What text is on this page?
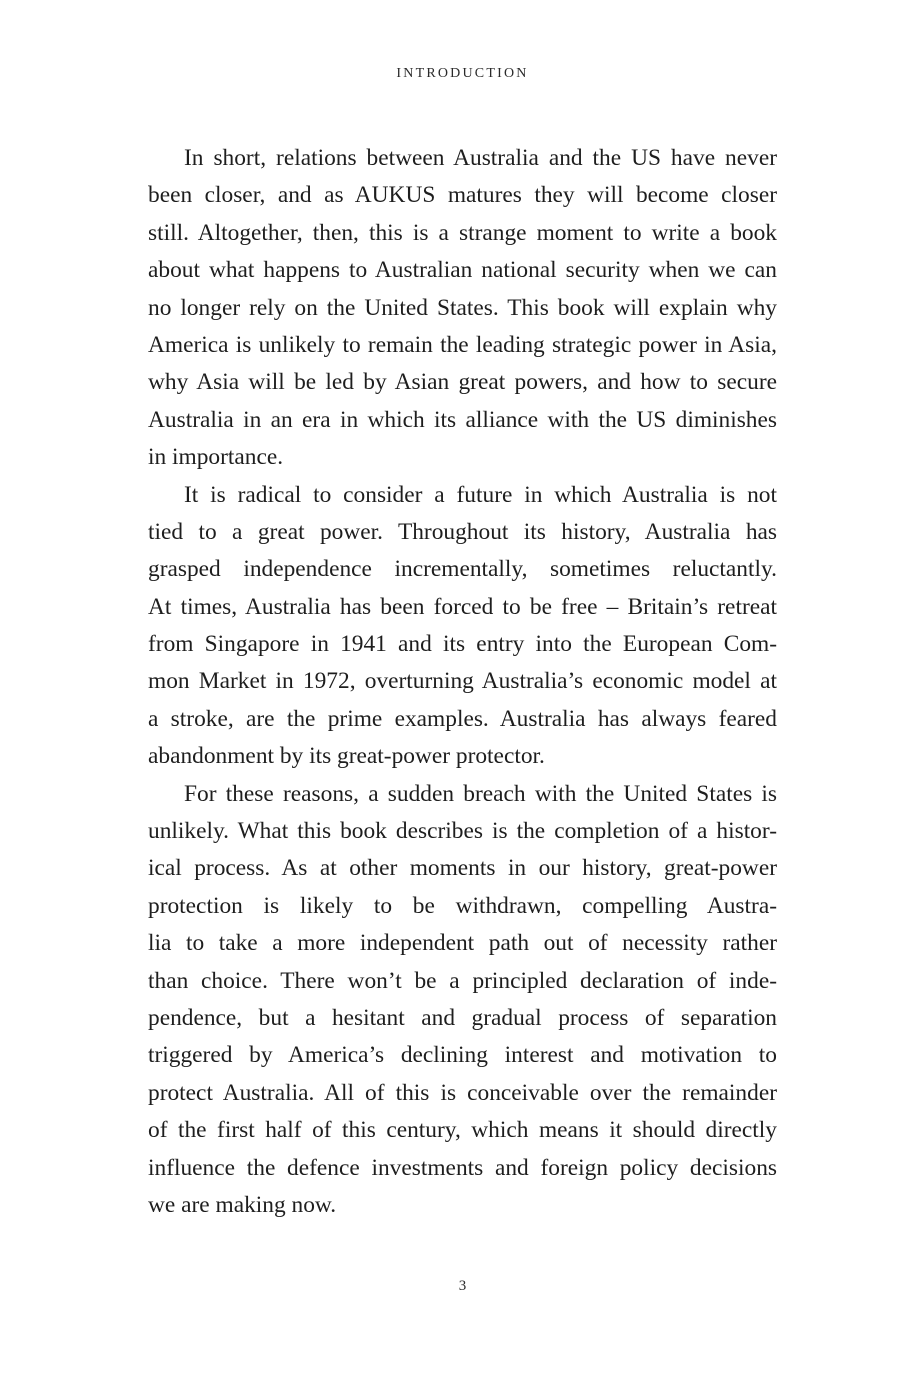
INTRODUCTION
In short, relations between Australia and the US have never
been closer, and as AUKUS matures they will become closer
still. Altogether, then, this is a strange moment to write a book
about what happens to Australian national security when we can
no longer rely on the United States. This book will explain why
America is unlikely to remain the leading strategic power in Asia,
why Asia will be led by Asian great powers, and how to secure
Australia in an era in which its alliance with the US diminishes
in importance.
It is radical to consider a future in which Australia is not
tied to a great power. Throughout its history, Australia has
grasped independence incrementally, sometimes reluctantly.
At times, Australia has been forced to be free – Britain’s retreat
from Singapore in 1941 and its entry into the European Com-
mon Market in 1972, overturning Australia’s economic model at
a stroke, are the prime examples. Australia has always feared
abandonment by its great-power protector.
For these reasons, a sudden breach with the United States is
unlikely. What this book describes is the completion of a histor-
ical process. As at other moments in our history, great-power
protection is likely to be withdrawn, compelling Austra-
lia to take a more independent path out of necessity rather
than choice. There won’t be a principled declaration of inde-
pendence, but a hesitant and gradual process of separation
triggered by America’s declining interest and motivation to
protect Australia. All of this is conceivable over the remainder
of the first half of this century, which means it should directly
influence the defence investments and foreign policy decisions
we are making now.
3
